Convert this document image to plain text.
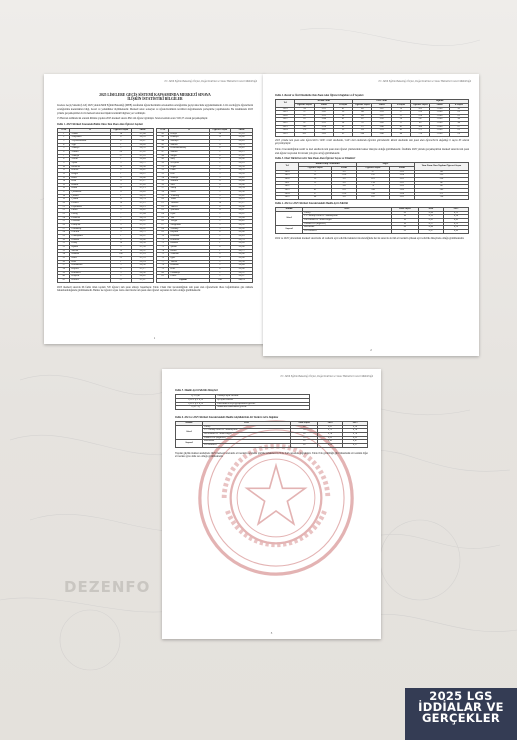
DEZENFO
T.C. Milli Eğitim Bakanlığı Ölçme, Değerlendirme ve Sınav Hizmetleri Genel Müdürlüğü
2025 LİSELERE GEÇİŞ SİSTEMİ KAPSAMINDA MERKEZÎ SINAVA
İLİŞKİN İSTATİSTİKÎ BİLGİLER

Liselere Geçiş Sistemi (LGS) 2025 yılında Millî Eğitim Bakanlığı (MEB) tarafından öğrencilerimizin ortaokuldan ortaöğretime geçişi sürecinde uygulanmaktadır. LGS aracılığıyla öğrencilerin ortaöğretime kazandıkları bilgi, beceri ve yetkinlikler ölçülmektedir. Merkezî sınav sonuçları ve öğrencilerimizin tercihleri doğrultusunda yerleştirme yapılmaktadır. Bu dokümanda 2025 yılında gerçekleştirilen LGS merkezî sınavına ilişkin istatistikî bilgilere yer verilmiştir.

15 Haziran tarihinde iki oturum hâlinde yapılan 2025 merkezî sınava 982.142 öğrenci girmiştir. Sınava katılım oranı %95,37 olarak gerçekleşmiştir.

Tablo 1. 2025 Merkezî Sınavında Bütün Olası Tam Puan Alan Öğrenci Sayıları
S.No	İl	Öğrenci Sayısı	Yüzde
1	Adana	14	%1,08
2	Adıyaman	6	%0,93
3	Afyonkarahisar	8	%0,87
4	Ağrı	1	%0,09
5	Amasya	2	%0,55
6	Ankara	96	%1,62
7	Antalya	27	%1,10
8	Artvin	1	%0,44
9	Aydın	9	%0,71
10	Balıkesir	12	%0,98
11	Bilecik	2	%0,81
12	Bingöl	1	%0,21
13	Bitlis	0	%0,00
14	Bolu	4	%1,27
15	Burdur	3	%1,05
16	Bursa	31	%1,13
17	Çanakkale	4	%0,89
18	Çankırı	1	%0,52
19	Çorum	4	%0,74
20	Denizli	10	%1,12
21	Diyarbakır	6	%0,23
22	Edirne	3	%0,82
23	Elazığ	7	%1,04
24	Erzincan	2	%0,78
25	Erzurum	7	%0,61
26	Eskişehir	9	%1,31
27	Gaziantep	15	%0,62
28	Giresun	3	%0,72
29	Gümüşhane	1	%0,61
30	Hakkari	0	%0,00
31	Hatay	10	%0,58
32	Isparta	5	%1,38
33	Mersin	16	%0,91
34	İstanbul	186	%1,18
35	İzmir	52	%1,33
36	Kars	1	%0,24
37	Kastamonu	3	%0,90
38	Kayseri	17	%1,17
39	Kırklareli	3	%0,96
40	Kırşehir	2	%0,82
41	Kocaeli	21	%1,07
S.No	İl	Öğrenci Sayısı	Yüzde
42	Konya	30	%1,10
43	Kütahya	4	%0,80
44	Malatya	7	%0,85
45	Manisa	11	%0,78
46	Kahramanmaraş	6	%0,42
47	Mardin	2	%0,12
48	Muğla	8	%1,01
49	Muş	0	%0,00
50	Nevşehir	2	%0,63
51	Niğde	2	%0,58
52	Ordu	5	%0,76
53	Rize	3	%0,99
54	Sakarya	9	%0,82
55	Samsun	11	%0,88
56	Siirt	0	%0,00
57	Sinop	1	%0,54
58	Sivas	5	%0,90
59	Tekirdağ	9	%0,82
60	Tokat	3	%0,63
61	Trabzon	10	%1,27
62	Tunceli	0	%0,00
63	Şanlıurfa	4	%0,11
64	Uşak	2	%0,61
65	Van	2	%0,08
66	Yozgat	2	%0,42
67	Zonguldak	5	%0,92
68	Aksaray	3	%0,66
69	Bayburt	0	%0,00
70	Karaman	2	%0,83
71	Kırıkkale	2	%0,78
72	Batman	1	%0,09
73	Şırnak	0	%0,00
74	Bartın	1	%0,71
75	Ardahan	0	%0,00
76	Iğdır	0	%0,00
77	Yalova	2	%0,98
78	Karabük	2	%0,88
79	Kilis	0	%0,00
80	Osmaniye	2	%0,31
81	Düzce	2	%0,67
Toplam		720	%0,73

2025 merkezî sınavda 66 farklı ilden toplam 720 öğrenci tam puan almayı başarmıştır. Tablo 1'deki iller incelendiğinde tam puan alan öğrencilerin illere bağımlılıkları göz önünde bulundurulduğunda görülmektedir. Bunlar ise öğrenci sayısı fazla olan illerde tam puan alan öğrenci sayısının da fazla olduğu görülmektedir.

1
T.C. Milli Eğitim Bakanlığı Ölçme, Değerlendirme ve Sınav Hizmetleri Genel Müdürlüğü
Tablo 2. Resmî ve Özel Okullarda Tam Puan Alan Öğrenci Dağılımı ve İl Sayıları
Yıl	Resmî Okul			Özel Okul			Toplam		
	Öğrenci Sayısı	Yüzde	İl Sayısı	Öğrenci Sayısı	Yüzde	İl Sayısı	Öğrenci Sayısı	Yüzde	İl Sayısı
2018	54	%53	41	48	%47	16	102	%100	43
2019	97	%41	56	142	%59	37	239	%100	63
2020	117	%53	58	103	%47	31	220	%100	61
2021	65	%44	41	82	%56	30	147	%100	46
2022	47	%55	34	39	%45	21	86	%100	40
2023	209	%54	62	177	%46	41	386	%100	67
2024	176	%47	59	195	%53	42	371	%100	62
2025	432	%60	63	288	%40	48	720	%100	66

2025 yılında tam puan alan öğrencilerin %60'ı resmî okullarda, %40'ı özel okullarda öğrenim görmektedir. Resmî okullarda tam puan alan öğrencilerin dağıldığı il sayısı 63 olarak gerçekleşmiştir.

Tablo 2 incelendiğinde resmî ve özel okullarda tam puan alan öğrenci yüzdelerinin benzer düzeyde olduğu görülmektedir. Özellikle 2025 yılında gerçekleştirilen merkezî sınavda tam puan alan öğrenci sayısının bir önceki yıla göre arttığı görülmektedir.

Tablo 3. Okul Türlerine Göre Tam Puan Alan Öğrenci Sayısı ve Yüzdeleri
Yıl	İmam Hatip Ortaokulu		Diğer		Tam Puan Alan Toplam Öğrenci Sayısı
	Öğrenci Sayısı	Yüzde	Öğrenci Sayısı	Yüzde	
2018	5	%5	97	%95	102
2019	23	%10	216	%90	239
2020	19	%9	201	%91	220
2021	13	%9	134	%91	147
2022	7	%8	79	%92	86
2023	42	%11	344	%89	386
2024	37	%10	334	%90	371
2025	68	%9	652	%91	720
Tablo 4. 2024 ve 2025 Merkezî Sınavlarındaki Madde Ayırt Edicilik
Bölüm	Ders	Soru Sayısı	2024	2025
Sözel	Türkçe	20	0,48	0,52
	T.C. İnkılap Tarihi ve Atatürkçülük	10	0,39	0,38
	Din Kültürü ve Ahlak Bilgisi	10	0,43	0,42
	Yabancı Dil (İngilizce)	10	0,57	0,55
Sayısal	Matematik	20	0,48	0,56
	Fen Bilimleri	20	0,47	0,49

2024 ve 2025 yıllarındaki merkezî sınavlarda alt testlerin ayırt edicilik indeksleri incelendiğinde her iki sınavda da tüm alt testlerin yüksek ayırt edicilik düzeyinde olduğu görülmektedir.

2
T.C. Milli Eğitim Bakanlığı Ölçme, Değerlendirme ve Sınav Hizmetleri Genel Müdürlüğü
Tablo 5. Madde Ayırt Edicilik Düzeyleri
rj ≥ 0,40	Oldukça ayırt edicidir.
0,30 ≤ rj ≤ 0,39	İyi ayırt edicidir.
0,20 ≤ rj ≤ 0,29	Düzeltilmesi veya geliştirilmesi gerekir.
0,20 > rj	Maddenin kaldırılması gerekir.
Tablo 6. 2024 ve 2025 Merkezî Sınavlarındaki Madde Güçlüklerinin Alt Testlere Göre Dağılımı
Bölüm	Ders	Soru Sayısı	2024	2025
Sözel	Türkçe	20	0,61	0,58
	T.C. İnkılap Tarihi ve Atatürkçülük	10	0,72	0,74
	Din Kültürü ve Ahlak Bilgisi	10	0,74	0,78
	Yabancı Dil (İngilizce)	10	0,62	0,65
Sayısal	Matematik	20	0,45	0,47
	Fen Bilimleri	20	0,55	0,57

Yapılan güçlük indeksi analizinde 2025 merkezî sınavında alt testlerin ortalama güçlük indeksleri 0,73 ile 0,45 arasında değişmiştir. Tablo 6'da görüldüğü gibi Matematik alt testinin diğer alt testlere göre daha zor olduğu görülmektedir.

3
2025 LGS
İDDİALAR VE
GERÇEKLER
